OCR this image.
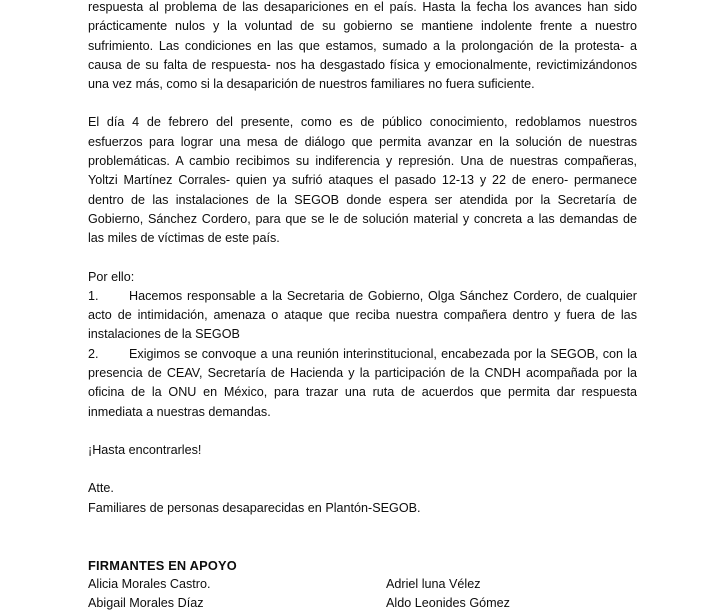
respuesta al problema de las desapariciones en el país. Hasta la fecha los avances han sido prácticamente nulos y la voluntad de su gobierno se mantiene indolente frente a nuestro sufrimiento. Las condiciones en las que estamos, sumado a la prolongación de la protesta- a causa de su falta de respuesta- nos ha desgastado física y emocionalmente, revictimizándonos una vez más, como si la desaparición de nuestros familiares no fuera suficiente.

El día 4 de febrero del presente, como es de público conocimiento, redoblamos nuestros esfuerzos para lograr una mesa de diálogo que permita avanzar en la solución de nuestras problemáticas. A cambio recibimos su indiferencia y represión. Una de nuestras compañeras, Yoltzi Martínez Corrales- quien ya sufrió ataques el pasado 12-13 y 22 de enero- permanece dentro de las instalaciones de la SEGOB donde espera ser atendida por la Secretaría de Gobierno, Sánchez Cordero, para que se le de solución material y concreta a las demandas de las miles de víctimas de este país.

Por ello:

1. Hacemos responsable a la Secretaria de Gobierno, Olga Sánchez Cordero, de cualquier acto de intimidación, amenaza o ataque que reciba nuestra compañera dentro y fuera de las instalaciones de la SEGOB

2. Exigimos se convoque a una reunión interinstitucional, encabezada por la SEGOB, con la presencia de CEAV, Secretaría de Hacienda y la participación de la CNDH acompañada por la oficina de la ONU en México, para trazar una ruta de acuerdos que permita dar respuesta inmediata a nuestras demandas.

¡Hasta encontrarles!

Atte.

Familiares de personas desaparecidas en Plantón-SEGOB.

FIRMANTES EN APOYO

Alicia Morales Castro.	Adriel luna Vélez
Abigail Morales Díaz	Aldo Leonides Gómez
